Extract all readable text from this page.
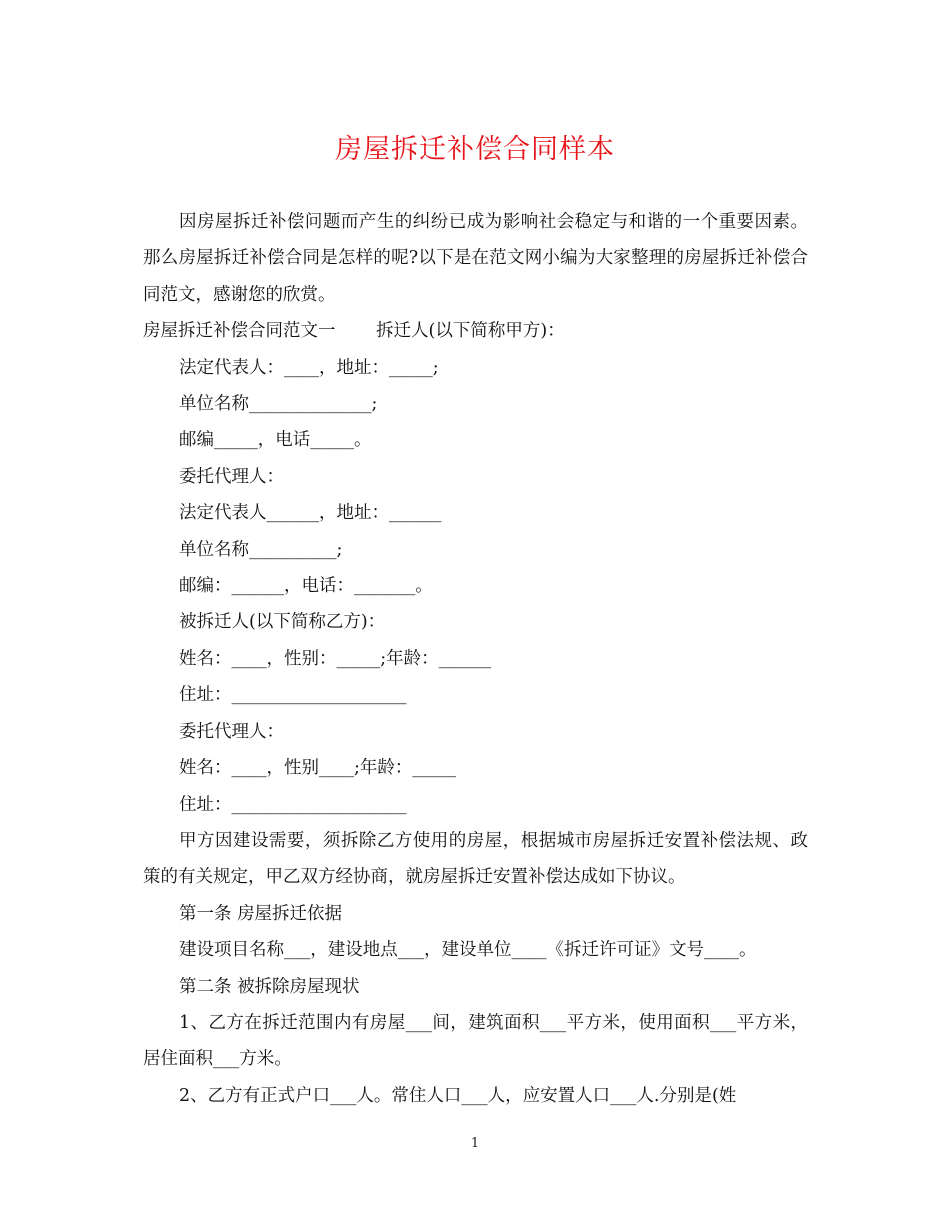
房屋拆迁补偿合同样本

因房屋拆迁补偿问题而产生的纠纷已成为影响社会稳定与和谐的一个重要因素。那么房屋拆迁补偿合同是怎样的呢?以下是在范文网小编为大家整理的房屋拆迁补偿合同范文，感谢您的欣赏。

房屋拆迁补偿合同范文一　　 拆迁人(以下简称甲方)：

法定代表人：____，地址：_____;

单位名称______________;

邮编_____，电话_____。

委托代理人：

法定代表人______，地址：______

单位名称__________;

邮编：______，电话：_______。

被拆迁人(以下简称乙方)：

姓名：____，性别：_____;年龄：______

住址：____________________

委托代理人：

姓名：____，性别____;年龄：_____

住址：____________________

甲方因建设需要，须拆除乙方使用的房屋，根据城市房屋拆迁安置补偿法规、政策的有关规定，甲乙双方经协商，就房屋拆迁安置补偿达成如下协议。

第一条 房屋拆迁依据

建设项目名称___，建设地点___，建设单位____《拆迁许可证》文号____。

第二条 被拆除房屋现状

1、乙方在拆迁范围内有房屋___间，建筑面积___平方米，使用面积___平方米，居住面积___方米。

2、乙方有正式户口___人。常住人口___人，应安置人口___人.分别是(姓

1
